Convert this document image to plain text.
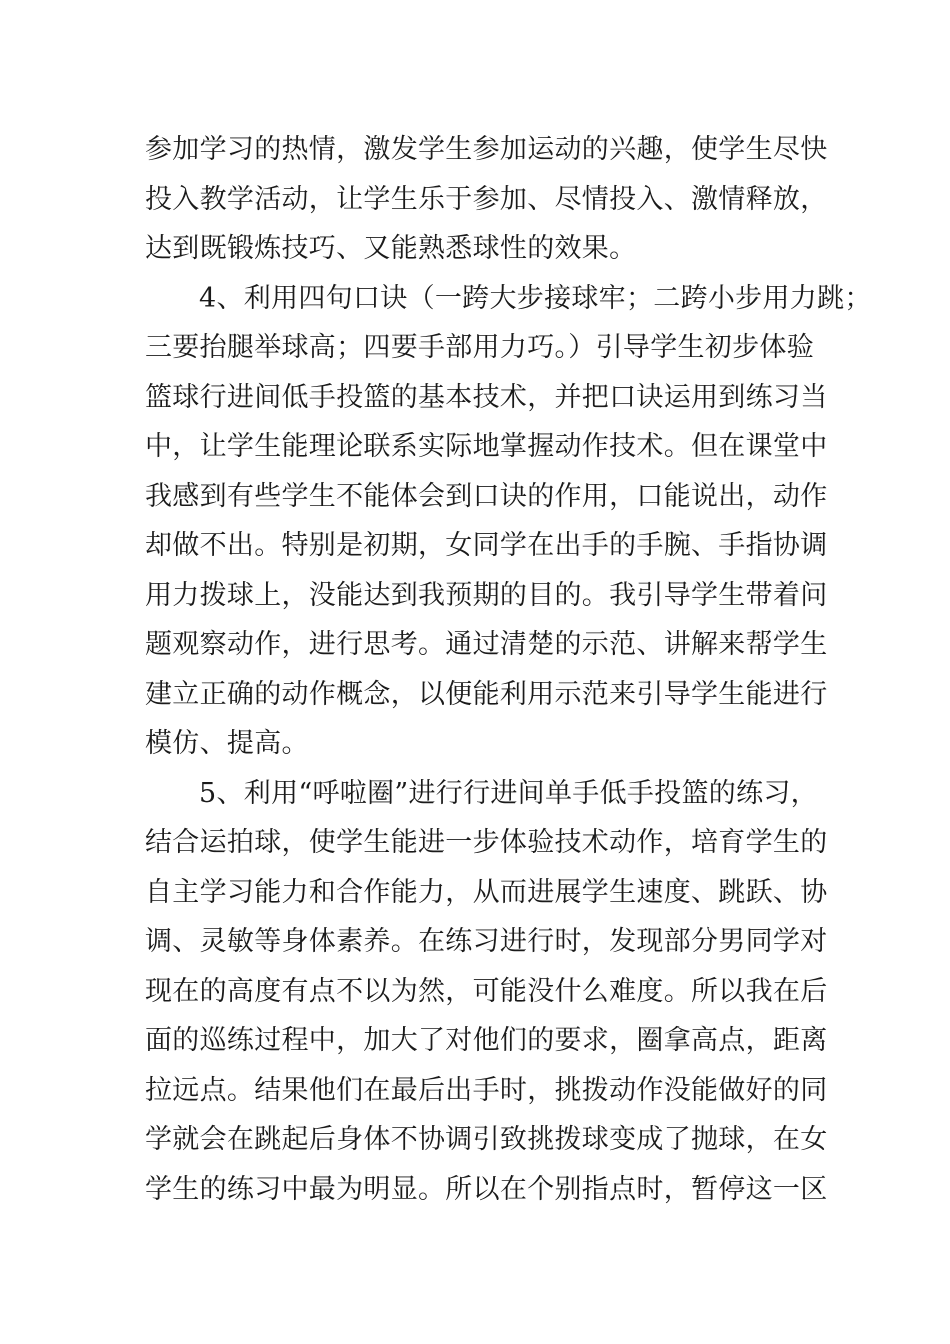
参加学习的热情，激发学生参加运动的兴趣，使学生尽快
投入教学活动，让学生乐于参加、尽情投入、激情释放，
达到既锻炼技巧、又能熟悉球性的效果。
4、利用四句口诀（一跨大步接球牢；二跨小步用力跳；
三要抬腿举球高；四要手部用力巧。）引导学生初步体验
篮球行进间低手投篮的基本技术，并把口诀运用到练习当
中，让学生能理论联系实际地掌握动作技术。但在课堂中
我感到有些学生不能体会到口诀的作用，口能说出，动作
却做不出。特别是初期，女同学在出手的手腕、手指协调
用力拨球上，没能达到我预期的目的。我引导学生带着问
题观察动作，进行思考。通过清楚的示范、讲解来帮学生
建立正确的动作概念，以便能利用示范来引导学生能进行
模仿、提高。
5、利用“呼啦圈”进行行进间单手低手投篮的练习，
结合运拍球，使学生能进一步体验技术动作，培育学生的
自主学习能力和合作能力，从而进展学生速度、跳跃、协
调、灵敏等身体素养。在练习进行时，发现部分男同学对
现在的高度有点不以为然，可能没什么难度。所以我在后
面的巡练过程中，加大了对他们的要求，圈拿高点，距离
拉远点。结果他们在最后出手时，挑拨动作没能做好的同
学就会在跳起后身体不协调引致挑拨球变成了抛球，在女
学生的练习中最为明显。所以在个别指点时，暂停这一区
